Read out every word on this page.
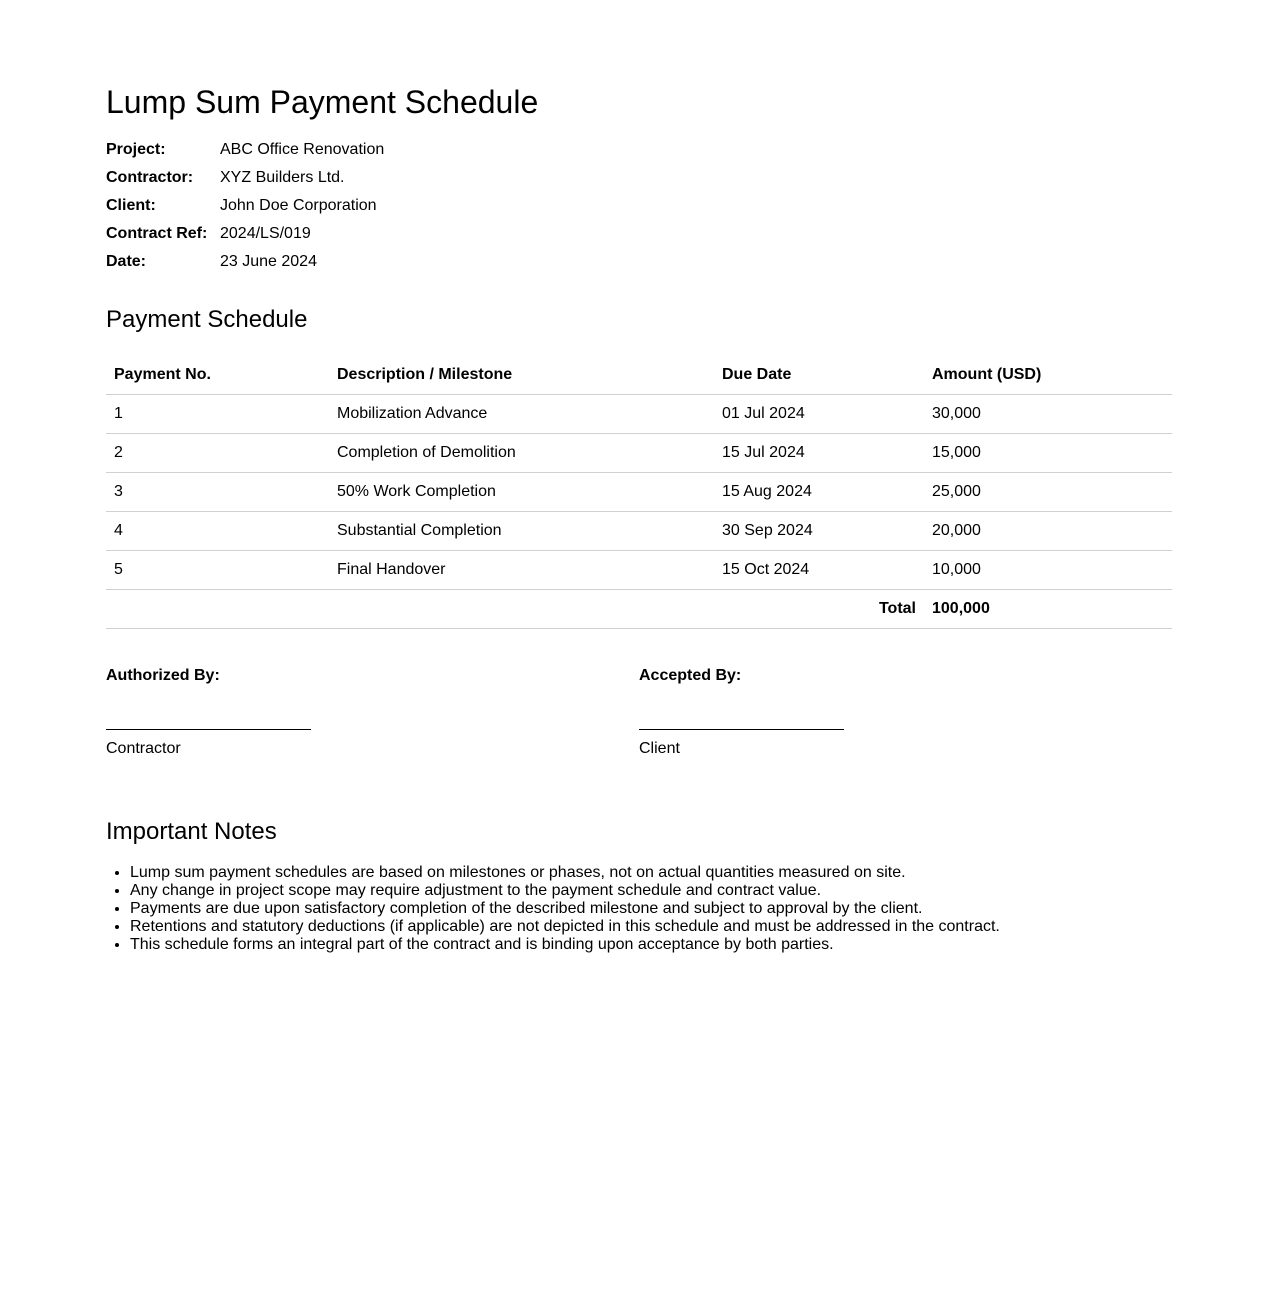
Lump Sum Payment Schedule
Project:	ABC Office Renovation
Contractor:	XYZ Builders Ltd.
Client:	John Doe Corporation
Contract Ref: 2024/LS/019
Date:	23 June 2024
Payment Schedule
Payment No.	Description / Milestone	Due Date	Amount (USD)
1	Mobilization Advance	01 Jul 2024	30,000
2	Completion of Demolition	15 Jul 2024	15,000
3	50% Work Completion	15 Aug 2024	25,000
4	Substantial Completion	30 Sep 2024	20,000
5	Final Handover	15 Oct 2024	10,000
Total			100,000
Authorized By:
Contractor
Accepted By:
Client
Important Notes
• Lump sum payment schedules are based on milestones or phases, not on actual quantities measured on site.
• Any change in project scope may require adjustment to the payment schedule and contract value.
• Payments are due upon satisfactory completion of the described milestone and subject to approval by the client.
• Retentions and statutory deductions (if applicable) are not depicted in this schedule and must be addressed in the contract.
• This schedule forms an integral part of the contract and is binding upon acceptance by both parties.
